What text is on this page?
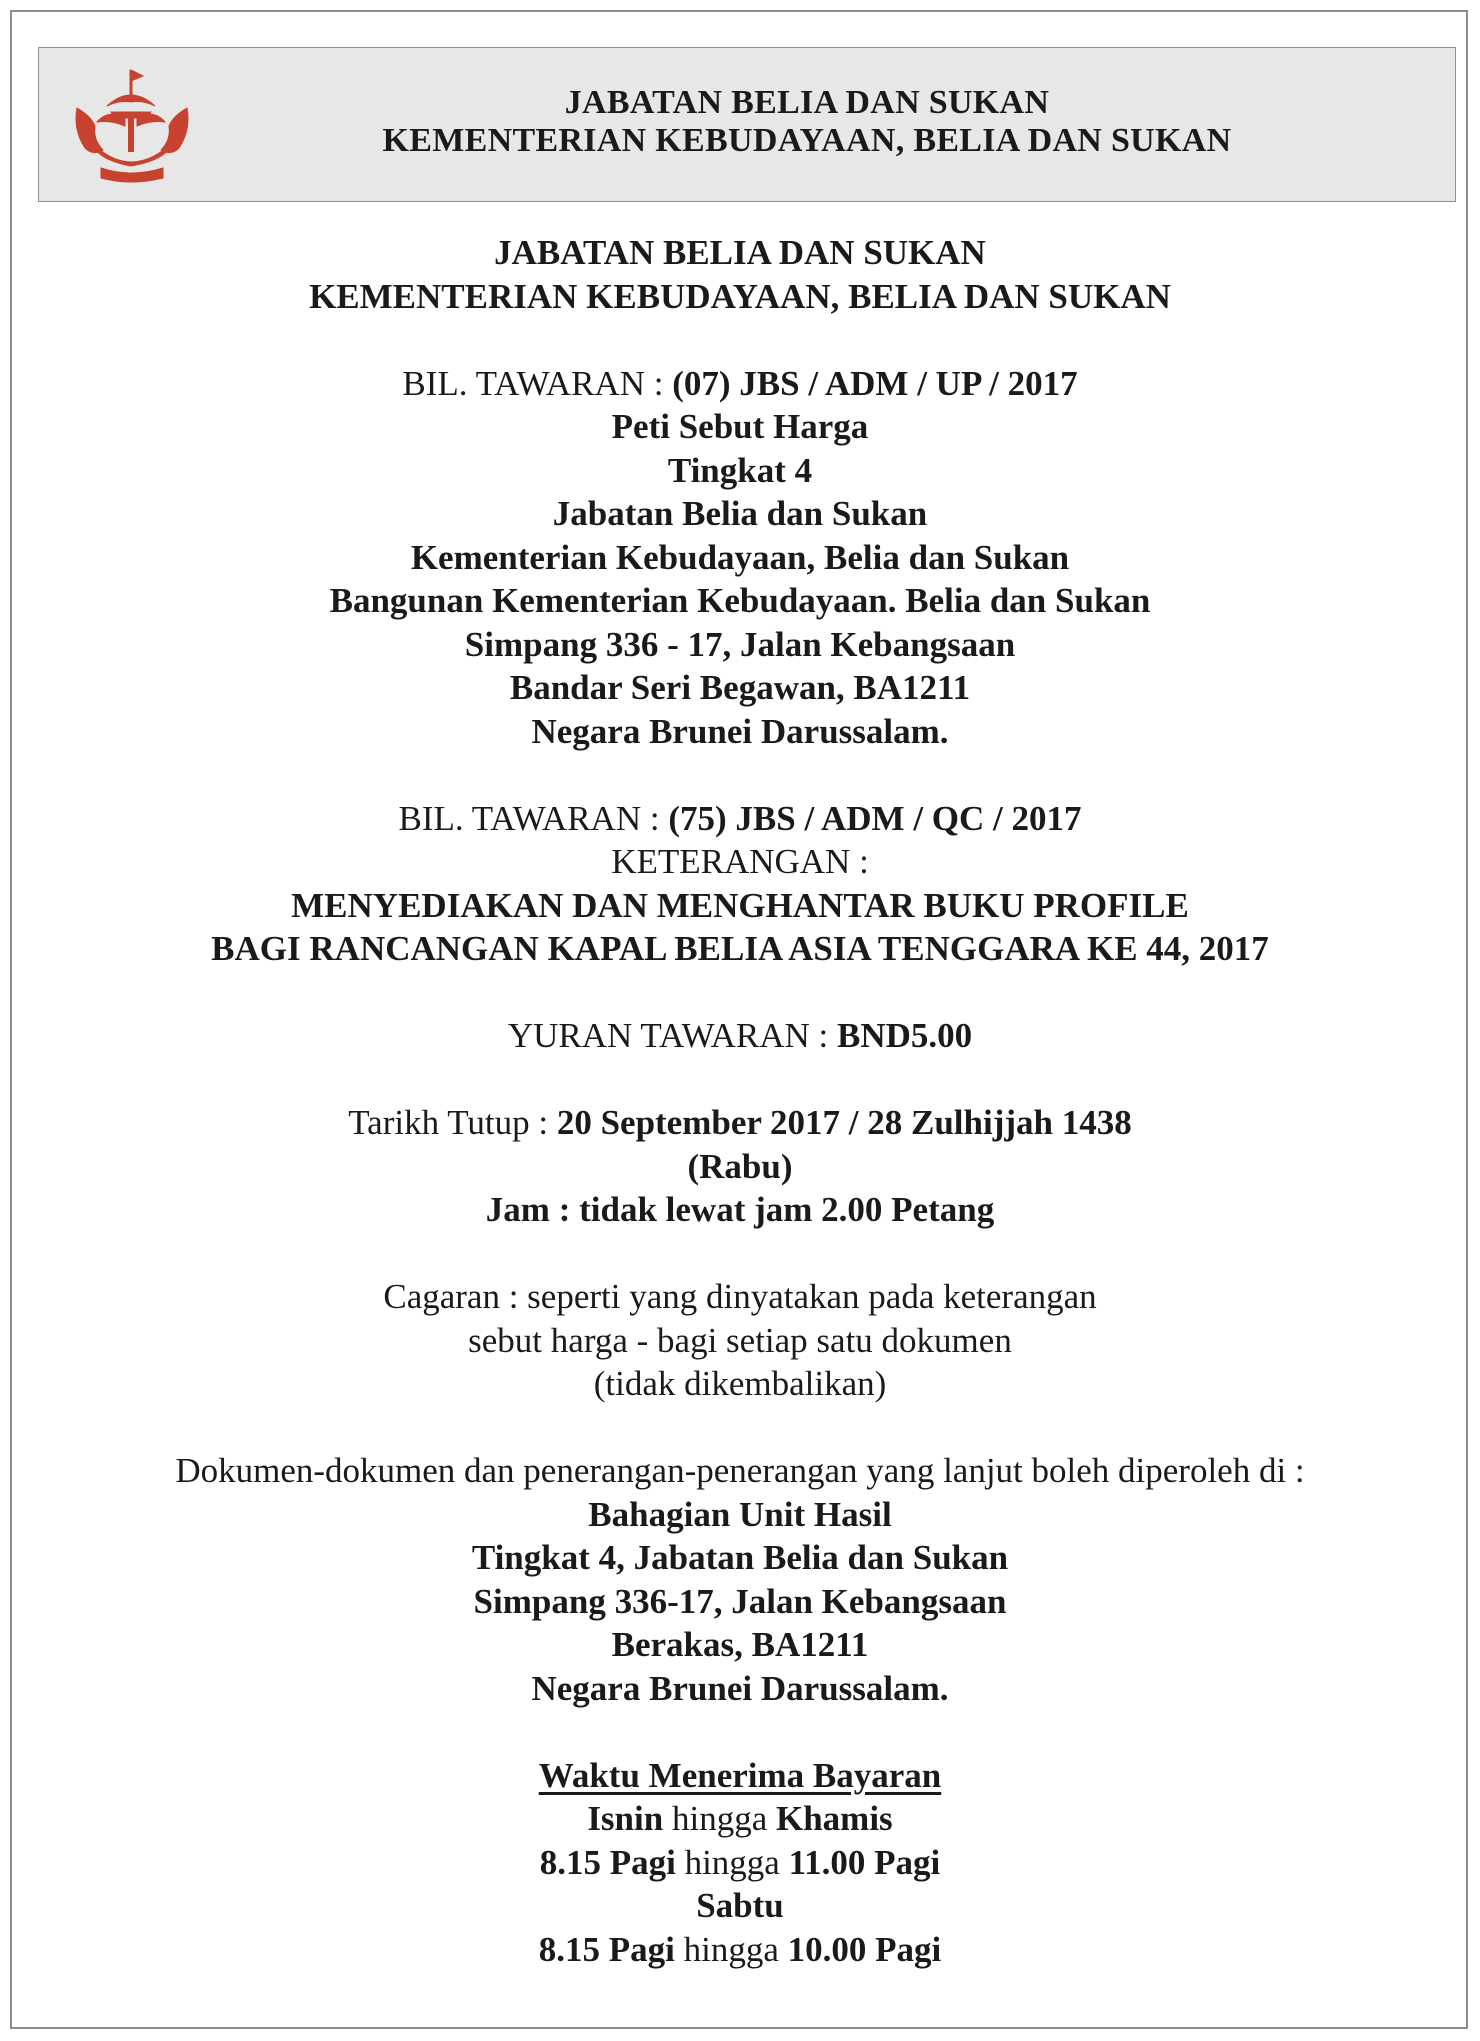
JABATAN BELIA DAN SUKAN
KEMENTERIAN KEBUDAYAAN, BELIA DAN SUKAN
JABATAN BELIA DAN SUKAN
KEMENTERIAN KEBUDAYAAN, BELIA DAN SUKAN
BIL. TAWARAN : (07) JBS / ADM / UP / 2017
Peti Sebut Harga
Tingkat 4
Jabatan Belia dan Sukan
Kementerian Kebudayaan, Belia dan Sukan
Bangunan Kementerian Kebudayaan. Belia dan Sukan
Simpang 336 - 17, Jalan Kebangsaan
Bandar Seri Begawan, BA1211
Negara Brunei Darussalam.
BIL. TAWARAN : (75) JBS / ADM / QC / 2017
KETERANGAN :
MENYEDIAKAN DAN MENGHANTAR BUKU PROFILE
BAGI RANCANGAN KAPAL BELIA ASIA TENGGARA KE 44, 2017
YURAN TAWARAN : BND5.00
Tarikh Tutup : 20 September 2017 / 28 Zulhijjah 1438
(Rabu)
Jam : tidak lewat jam 2.00 Petang
Cagaran : seperti yang dinyatakan pada keterangan
sebut harga - bagi setiap satu dokumen
(tidak dikembalikan)
Dokumen-dokumen dan penerangan-penerangan yang lanjut boleh diperoleh di :
Bahagian Unit Hasil
Tingkat 4, Jabatan Belia dan Sukan
Simpang 336-17, Jalan Kebangsaan
Berakas, BA1211
Negara Brunei Darussalam.
Waktu Menerima Bayaran
Isnin hingga Khamis
8.15 Pagi hingga 11.00 Pagi
Sabtu
8.15 Pagi hingga 10.00 Pagi
